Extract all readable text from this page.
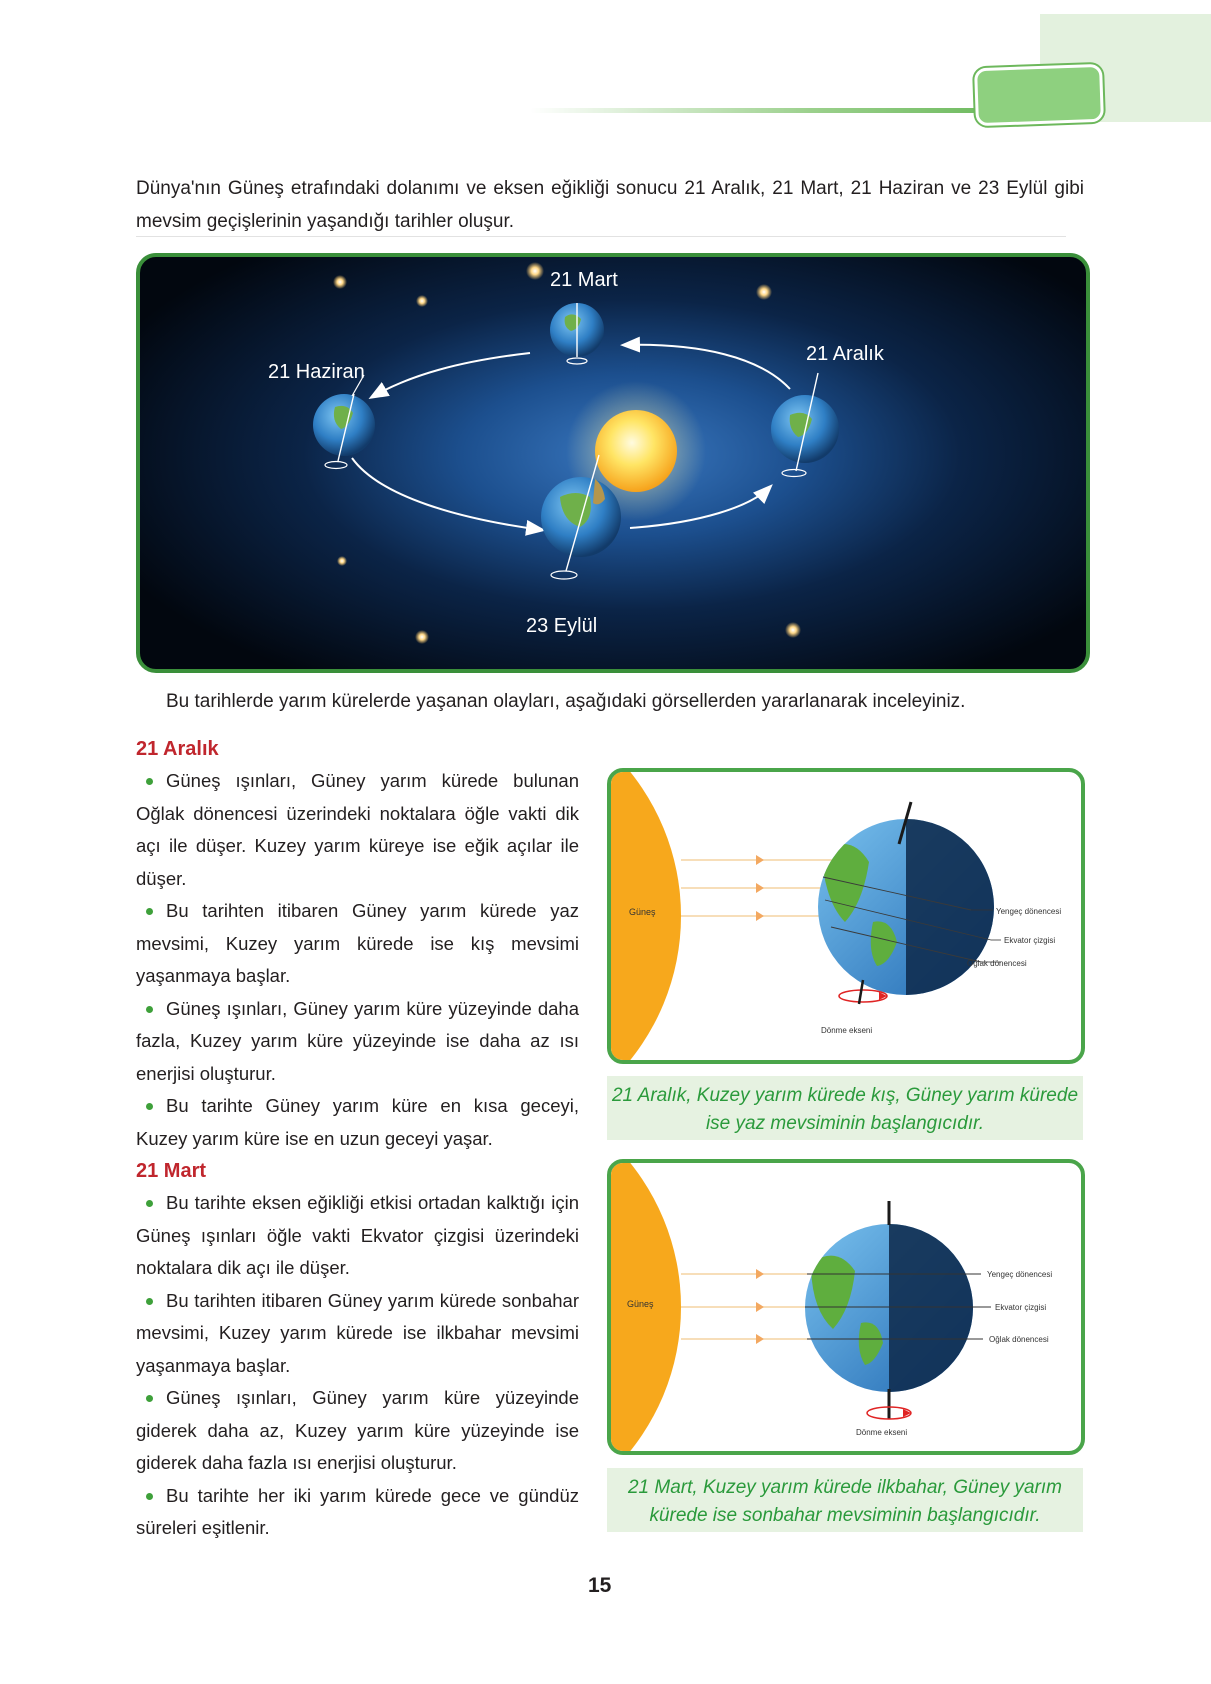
Dünya'nın Güneş etrafındaki dolanımı ve eksen eğikliği sonucu 21 Aralık, 21 Mart, 21 Haziran ve 23 Eylül gibi mevsim geçişlerinin yaşandığı tarihler oluşur.
21 Mart
21 Haziran
21 Aralık
23 Eylül
Bu tarihlerde yarım kürelerde yaşanan olayları, aşağıdaki görsellerden yararlanarak inceleyiniz.
21 Aralık

Güneş ışınları, Güney yarım kürede bulunan Oğlak dönencesi üzerindeki noktalara öğle vakti dik açı ile düşer. Kuzey yarım küreye ise eğik açılar ile düşer.

Bu tarihten itibaren Güney yarım kürede yaz mevsimi, Kuzey yarım kürede ise kış mevsimi yaşanmaya başlar.

Güneş ışınları, Güney yarım küre yüzeyinde daha fazla, Kuzey yarım küre yüzeyinde ise daha az ısı enerjisi oluşturur.

Bu tarihte Güney yarım küre en kısa geceyi, Kuzey yarım küre ise en uzun geceyi yaşar.

21 Mart

Bu tarihte eksen eğikliği etkisi ortadan kalktığı için Güneş ışınları öğle vakti Ekvator çizgisi üzerindeki noktalara dik açı ile düşer.

Bu tarihten itibaren Güney yarım kürede sonbahar mevsimi, Kuzey yarım kürede ise ilkbahar mevsimi yaşanmaya başlar.

Güneş ışınları, Güney yarım küre yüzeyinde giderek daha az, Kuzey yarım küre yüzeyinde ise giderek daha fazla ısı enerjisi oluşturur.

Bu tarihte her iki yarım kürede gece ve gündüz süreleri eşitlenir.

Güneş	Yengeç dönencesi
Ekvator çizgisi
Oğlak dönencesi
Dönme ekseni
21 Aralık, Kuzey yarım kürede kış, Güney yarım kürede ise yaz mevsiminin başlangıcıdır.
Güneş
Yengeç dönencesi
Ekvator çizgisi
Oğlak dönencesi
Dönme ekseni
21 Mart, Kuzey yarım kürede ilkbahar, Güney yarım kürede ise sonbahar mevsiminin başlangıcıdır.
15
